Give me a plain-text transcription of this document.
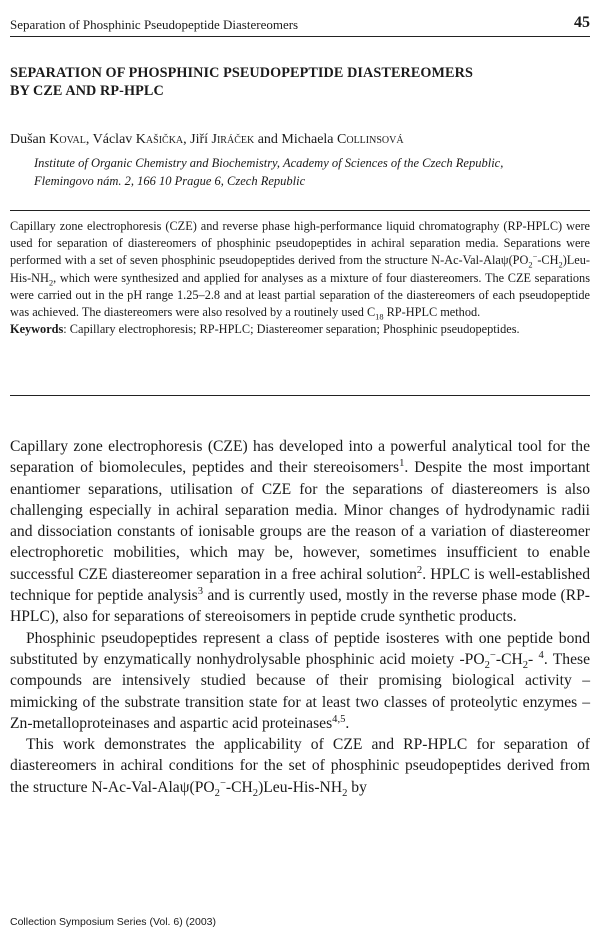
Separation of Phosphinic Pseudopeptide Diastereomers	45
SEPARATION OF PHOSPHINIC PSEUDOPEPTIDE DIASTEREOMERS
BY CZE AND RP-HPLC
Dušan Koval, Václav Kašička, Jiří Jiráček and Michaela Collinsová
Institute of Organic Chemistry and Biochemistry, Academy of Sciences of the Czech Republic,
Flemingovo nám. 2, 166 10 Prague 6, Czech Republic

Capillary zone electrophoresis (CZE) and reverse phase high-performance liquid chromatography (RP-HPLC) were used for separation of diastereomers of phosphinic pseudopeptides in achiral separation media. Separations were performed with a set of seven phosphinic pseudopeptides derived from the structure $N-Ac-Val-Ala\psi(PO_2^--CH_2)Leu-His-NH_2$, which were synthesized and applied for analyses as a mixture of four diastereomers. The CZE separations were carried out in the pH range 1.25–2.8 and at least partial separation of the diastereomers of each pseudopeptide was achieved. The diastereomers were also resolved by a routinely used $C_{18}$ RP-HPLC method.

Keywords: Capillary electrophoresis; RP-HPLC; Diastereomer separation; Phosphinic pseudopeptides.

Capillary zone electrophoresis (CZE) has developed into a powerful analytical tool for the separation of biomolecules, peptides and their stereoisomers$^1$. Despite the most important enantiomer separations, utilisation of CZE for the separations of diastereomers is also challenging especially in achiral separation media. Minor changes of hydrodynamic radii and dissociation constants of ionisable groups are the reason of a variation of diastereomer electrophoretic mobilities, which may be, however, sometimes insufficient to enable successful CZE diastereomer separation in a free achiral solution$^2$. HPLC is well-established technique for peptide analysis$^3$ and is currently used, mostly in the reverse phase mode (RP-HPLC), also for separations of stereoisomers in peptide crude synthetic products.

Phosphinic pseudopeptides represent a class of peptide isosteres with one peptide bond substituted by enzymatically nonhydrolysable phosphinic acid moiety $-PO_2^--CH_2-$ $^4$. These compounds are intensively studied because of their promising biological activity – mimicking of the substrate transition state for at least two classes of proteolytic enzymes – Zn-metalloproteinases and aspartic acid proteinases$^{4,5}$.

This work demonstrates the applicability of CZE and RP-HPLC for separation of diastereomers in achiral conditions for the set of phosphinic pseudopeptides derived from the structure $N-Ac-Val-Ala\psi(PO_2^--CH_2)Leu-His-NH_2$ by

Collection Symposium Series (Vol. 6) (2003)
